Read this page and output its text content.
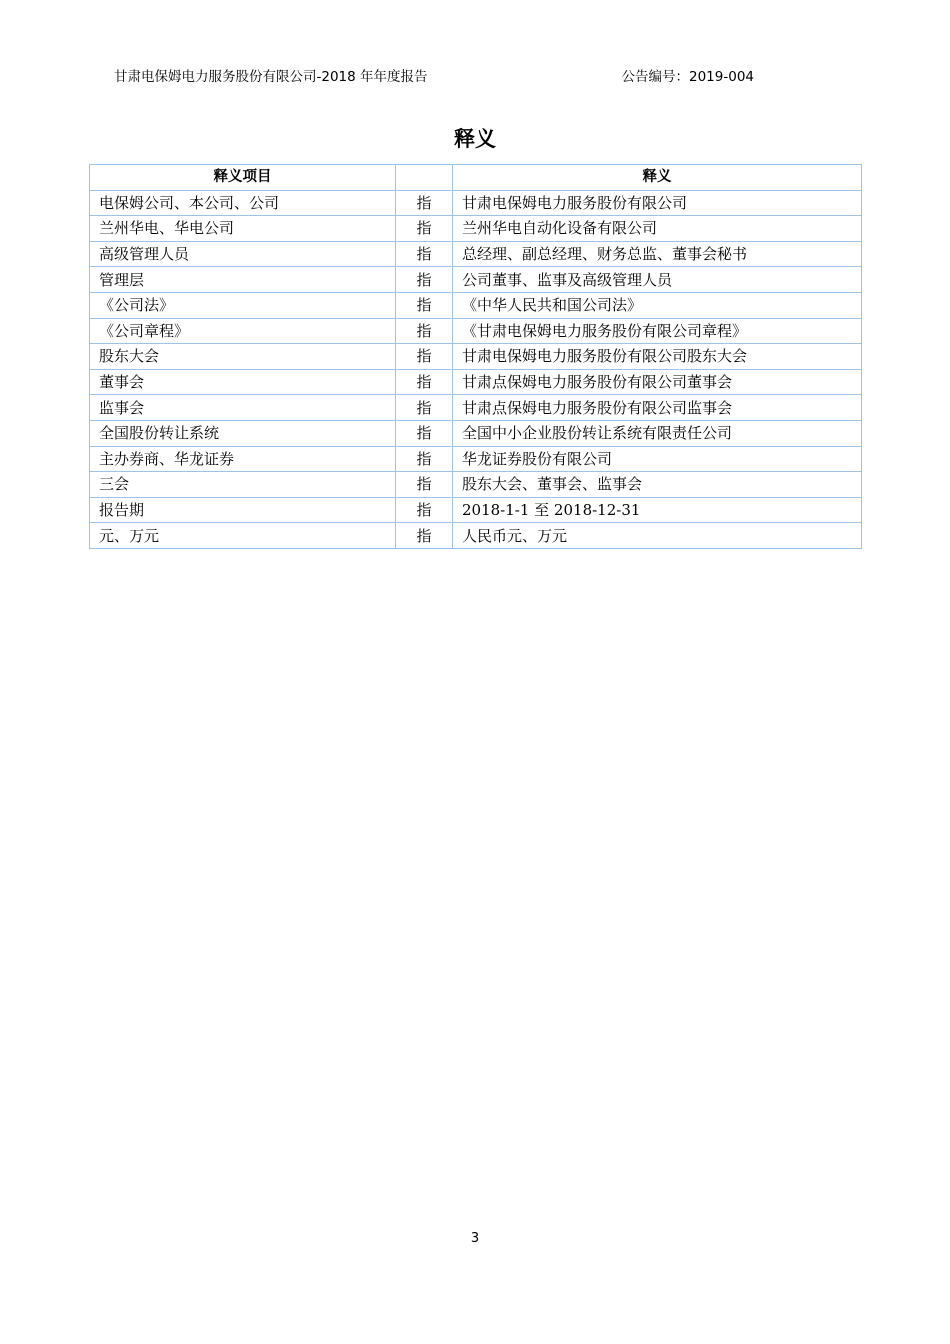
甘肃电保姆电力服务股份有限公司-2018 年年度报告	公告编号：2019-004
释义
释义项目		释义
电保姆公司、本公司、公司	指	甘肃电保姆电力服务股份有限公司
兰州华电、华电公司	指	兰州华电自动化设备有限公司
高级管理人员	指	总经理、副总经理、财务总监、董事会秘书
管理层	指	公司董事、监事及高级管理人员
《公司法》	指	《中华人民共和国公司法》
《公司章程》	指	《甘肃电保姆电力服务股份有限公司章程》
股东大会	指	甘肃电保姆电力服务股份有限公司股东大会
董事会	指	甘肃点保姆电力服务股份有限公司董事会
监事会	指	甘肃点保姆电力服务股份有限公司监事会
全国股份转让系统	指	全国中小企业股份转让系统有限责任公司
主办券商、华龙证券	指	华龙证券股份有限公司
三会	指	股东大会、董事会、监事会
报告期	指	2018-1-1 至 2018-12-31
元、万元	指	人民币元、万元
3
